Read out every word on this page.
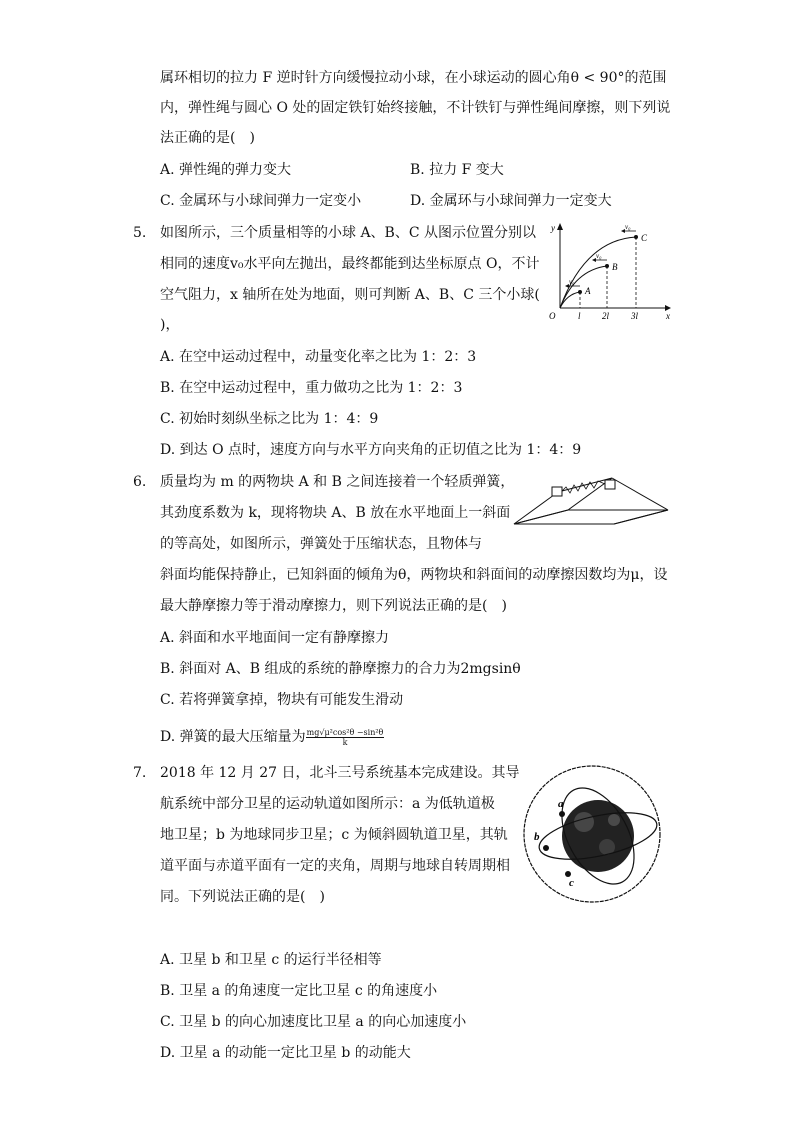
属环相切的拉力 F 逆时针方向缓慢拉动小球，在小球运动的圆心角θ < 90°的范围
内，弹性绳与圆心 O 处的固定铁钉始终接触，不计铁钉与弹性绳间摩擦，则下列说
法正确的是(　)
A. 弹性绳的弹力变大	B. 拉力 F 变大
C. 金属环与小球间弹力一定变小	D. 金属环与小球间弹力一定变大
5. 如图所示，三个质量相等的小球 A、B、C 从图示位置分别以
相同的速度v₀水平向左抛出，最终都能到达坐标原点 O，不计
空气阻力，x 轴所在处为地面，则可判断 A、B、C 三个小球(
)，
y
x
O	l 2l 3l
A
B
C
v₀
v₀
v₀
A. 在空中运动过程中，动量变化率之比为 1：2：3
B. 在空中运动过程中，重力做功之比为 1：2：3
C. 初始时刻纵坐标之比为 1：4：9
D. 到达 O 点时，速度方向与水平方向夹角的正切值之比为 1：4：9
6. 质量均为 m 的两物块 A 和 B 之间连接着一个轻质弹簧，
其劲度系数为 k，现将物块 A、B 放在水平地面上一斜面
的等高处，如图所示，弹簧处于压缩状态，且物体与
斜面均能保持静止，已知斜面的倾角为θ，两物块和斜面间的动摩擦因数均为μ，设
最大静摩擦力等于滑动摩擦力，则下列说法正确的是(　)
A. 斜面和水平地面间一定有静摩擦力
B. 斜面对 A、B 组成的系统的静摩擦力的合力为2mgsinθ
C. 若将弹簧拿掉，物块有可能发生滑动
D. 弹簧的最大压缩量为 $\frac{\text{mg√μ²cos²θ −sin²θ}}{k}$
7. 2018 年 12 月 27 日，北斗三号系统基本完成建设。其导
航系统中部分卫星的运动轨道如图所示：a 为低轨道极
地卫星；b 为地球同步卫星；c 为倾斜圆轨道卫星，其轨
道平面与赤道平面有一定的夹角，周期与地球自转周期相
同。下列说法正确的是(　)
a
b
c
A. 卫星 b 和卫星 c 的运行半径相等
B. 卫星 a 的角速度一定比卫星 c 的角速度小
C. 卫星 b 的向心加速度比卫星 a 的向心加速度小
D. 卫星 a 的动能一定比卫星 b 的动能大
